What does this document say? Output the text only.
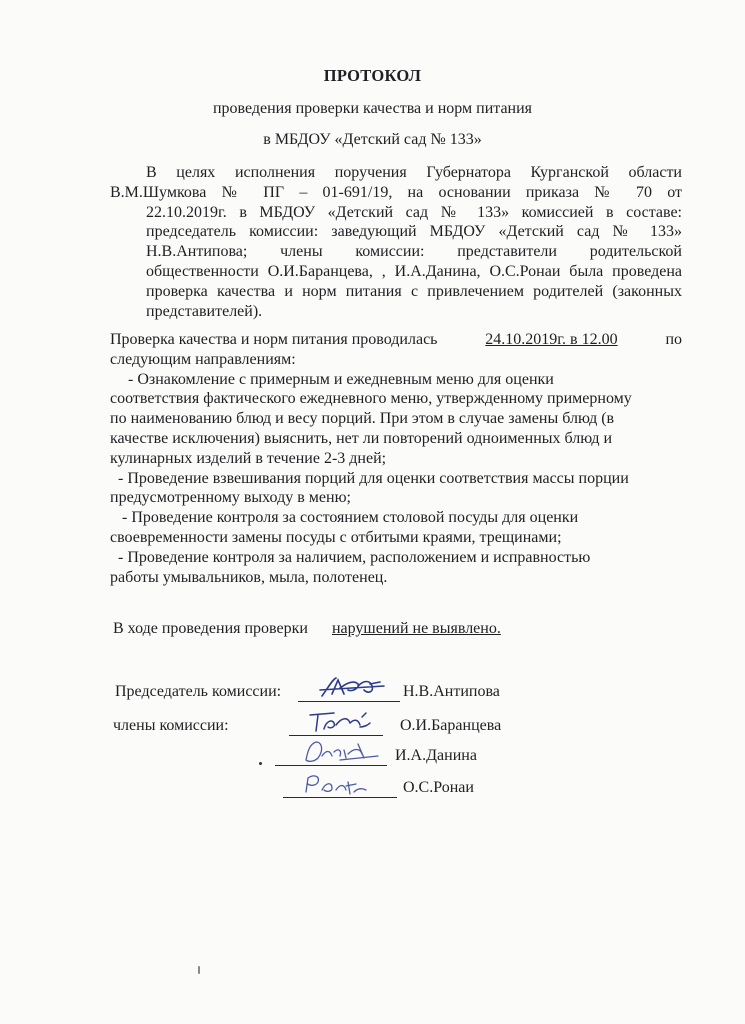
ПРОТОКОЛ
проведения проверки качества и норм питания
в МБДОУ «Детский сад № 133»
В целях исполнения поручения Губернатора Курганской области
В.М.Шумкова № ПГ – 01-691/19, на основании приказа № 70 от
22.10.2019г. в МБДОУ «Детский сад № 133» комиссией в составе:
председатель комиссии: заведующий МБДОУ «Детский сад № 133»
Н.В.Антипова; члены комиссии: представители родительской
общественности О.И.Баранцева, , И.А.Данина, О.С.Ронаи была проведена
проверка качества и норм питания с привлечением родителей (законных
представителей).
Проверка качества и норм питания проводилась	24.10.2019г. в 12.00	по
следующим направлениям:
- Ознакомление с примерным и ежедневным меню для оценки
соответствия фактического ежедневного меню, утвержденному примерному
по наименованию блюд и весу порций. При этом в случае замены блюд (в
качестве исключения) выяснить, нет ли повторений одноименных блюд и
кулинарных изделий в течение 2-3 дней;
- Проведение взвешивания порций для оценки соответствия массы порции
предусмотренному выходу в меню;
- Проведение контроля за состоянием столовой посуды для оценки
своевременности замены посуды с отбитыми краями, трещинами;
- Проведение контроля за наличием, расположением и исправностью
работы умывальников, мыла, полотенец.
В ходе проведения проверки нарушений не выявлено.
Председатель комиссии:	Н.В.Антипова
члены комиссии:	О.И.Баранцева
И.А.Данина
О.С.Ронаи
